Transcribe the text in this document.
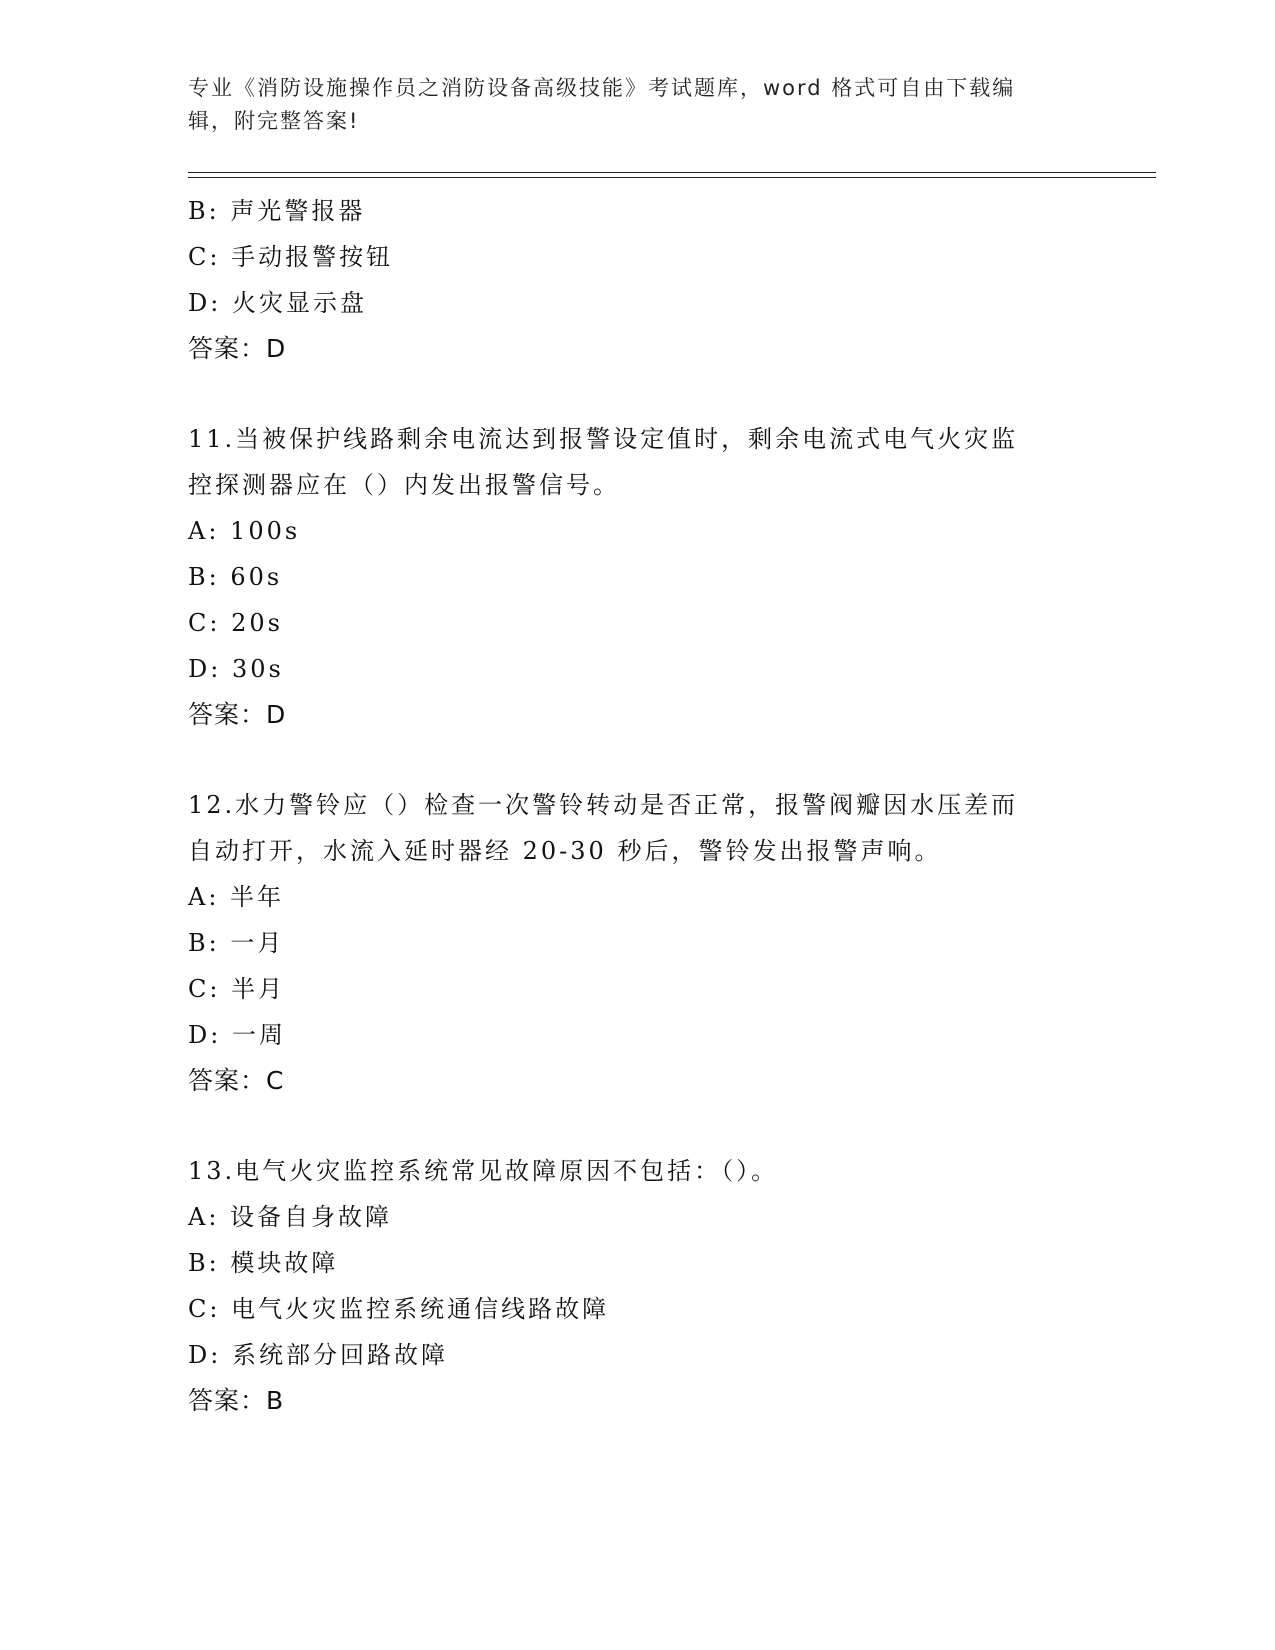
专业《消防设施操作员之消防设备高级技能》考试题库，word 格式可自由下载编
辑，附完整答案!
B: 声光警报器
C: 手动报警按钮
D: 火灾显示盘
答案：D
11.当被保护线路剩余电流达到报警设定值时，剩余电流式电气火灾监
控探测器应在（）内发出报警信号。
A: 100s
B: 60s
C: 20s
D: 30s
答案：D
12.水力警铃应（）检查一次警铃转动是否正常，报警阀瓣因水压差而
自动打开，水流入延时器经 20-30 秒后，警铃发出报警声响。
A: 半年
B: 一月
C: 半月
D: 一周
答案：C
13.电气火灾监控系统常见故障原因不包括：（）。
A: 设备自身故障
B: 模块故障
C: 电气火灾监控系统通信线路故障
D: 系统部分回路故障
答案：B
